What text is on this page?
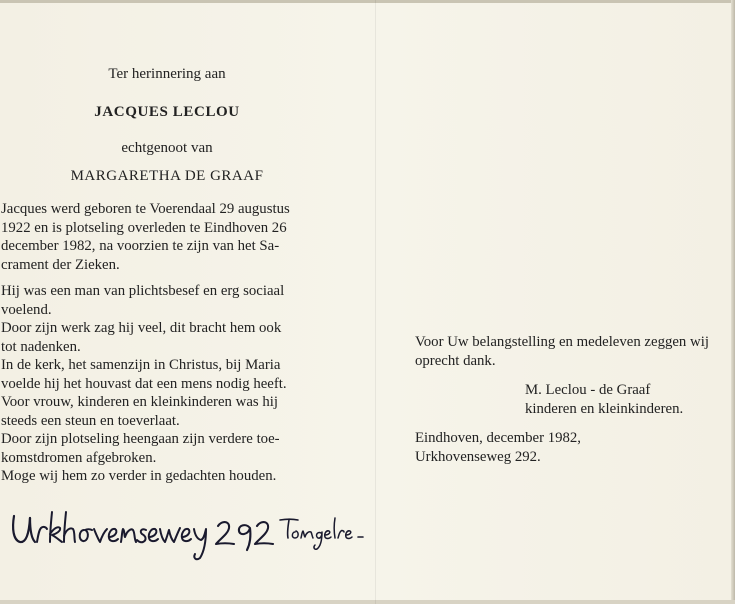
Ter herinnering aan
JACQUES LECLOU
echtgenoot van
MARGARETHA DE GRAAF
Jacques werd geboren te Voerendaal 29 augustus
1922 en is plotseling overleden te Eindhoven 26
december 1982, na voorzien te zijn van het Sa-
crament der Zieken.
Hij was een man van plichtsbesef en erg sociaal
voelend.
Door zijn werk zag hij veel, dit bracht hem ook
tot nadenken.
In de kerk, het samenzijn in Christus, bij Maria
voelde hij het houvast dat een mens nodig heeft.
Voor vrouw, kinderen en kleinkinderen was hij
steeds een steun en toeverlaat.
Door zijn plotseling heengaan zijn verdere toe-
komstdromen afgebroken.
Moge wij hem zo verder in gedachten houden.
Voor Uw belangstelling en medeleven zeggen wij
oprecht dank.
M. Leclou - de Graaf
kinderen en kleinkinderen.
Eindhoven, december 1982,
Urkhovenseweg 292.
